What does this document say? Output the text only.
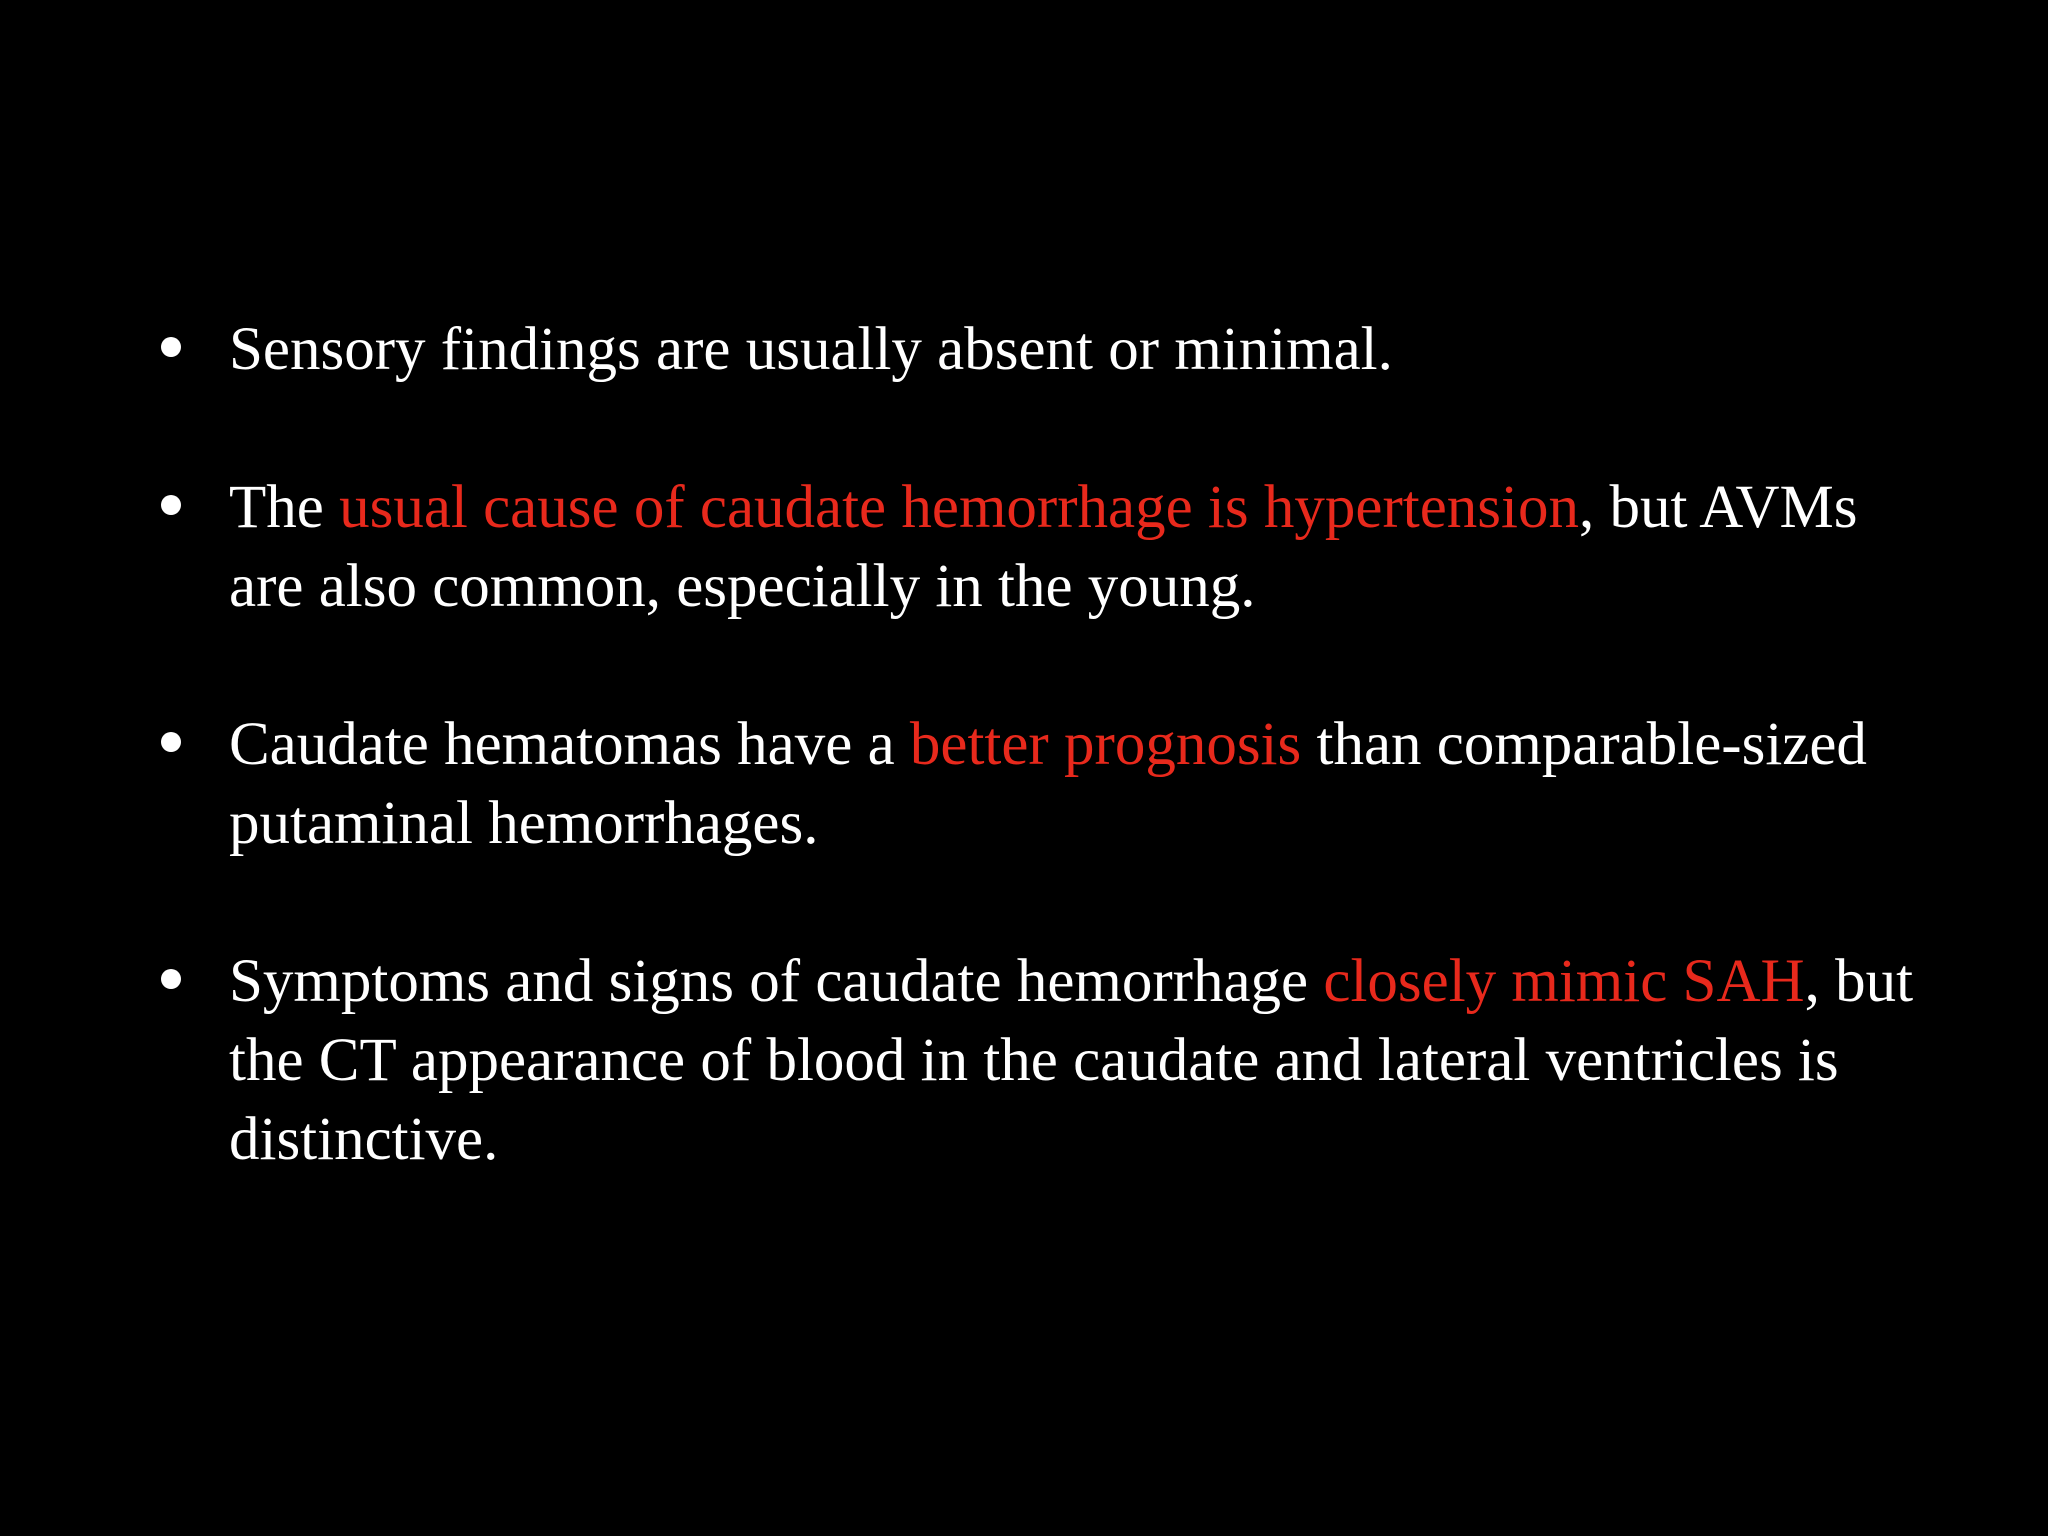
Sensory findings are usually absent or minimal.
The usual cause of caudate hemorrhage is hypertension, but AVMs are also common, especially in the young.
Caudate hematomas have a better prognosis than comparable-sized putaminal hemorrhages.
Symptoms and signs of caudate hemorrhage closely mimic SAH, but the CT appearance of blood in the caudate and lateral ventricles is distinctive.
